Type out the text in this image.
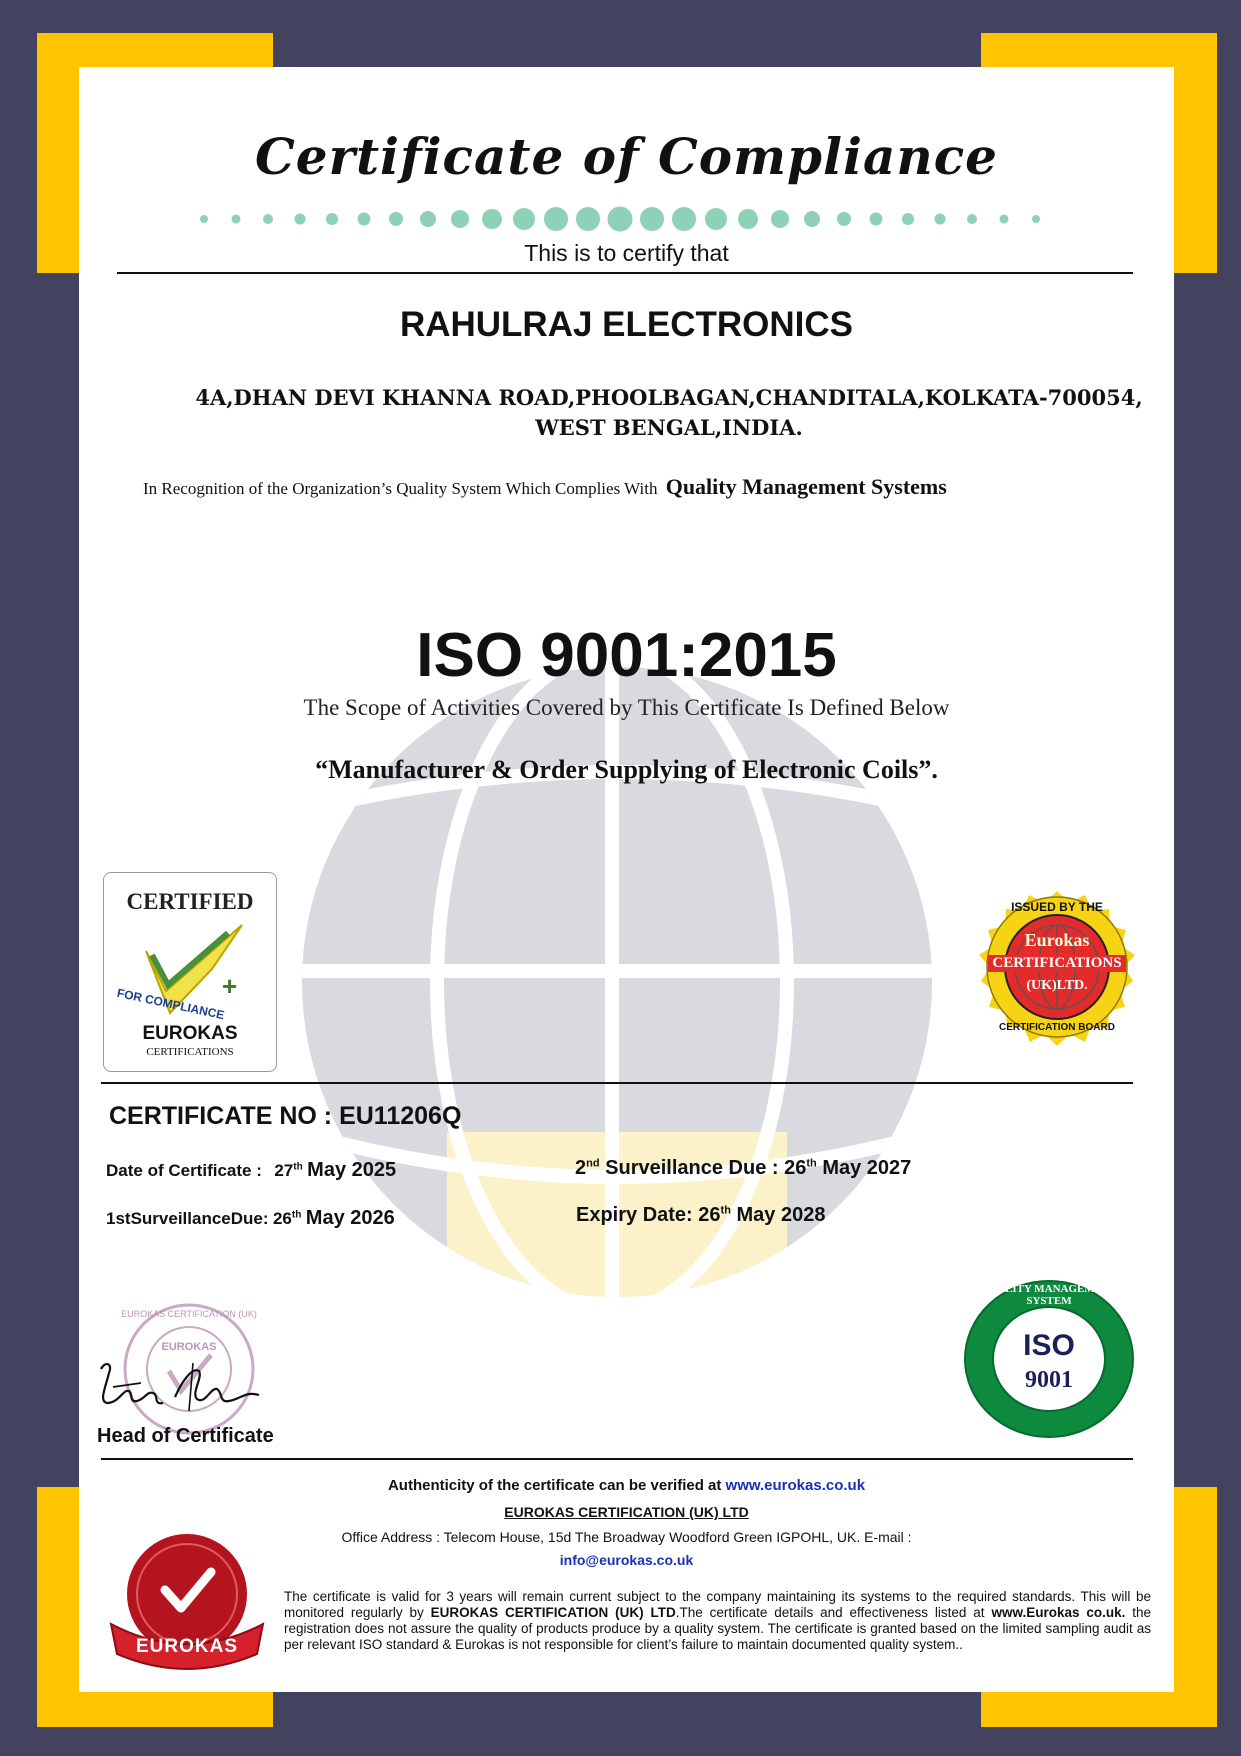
Certificate of Compliance
This is to certify that
RAHULRAJ ELECTRONICS
4A,DHAN DEVI KHANNA ROAD,PHOOLBAGAN,CHANDITALA,KOLKATA-700054,
WEST BENGAL,INDIA.
In Recognition of the Organization’s Quality System Which Complies With Quality Management Systems
ISO 9001:2015
The Scope of Activities Covered by This Certificate Is Defined Below
“Manufacturer & Order Supplying of Electronic Coils”.
+
CERTIFIED
FOR COMPLIANCE
EUROKAS
CERTIFICATIONS
ISSUED BY THE
Eurokas
CERTIFICATIONS
(UK)LTD.
CERTIFICATION BOARD
CERTIFICATE NO : EU11206Q
Date of Certificate : 27th May 2025
1stSurveillanceDue: 26th May 2026
2nd Surveillance Due : 26th May 2027
Expiry Date: 26th May 2028
EUROKAS CERTIFICATION (UK)
EUROKAS
Head of Certificate
QUALITY MANAGEMENT SYSTEM
ISO
9001
Authenticity of the certificate can be verified at www.eurokas.co.uk
EUROKAS CERTIFICATION (UK) LTD
Office Address : Telecom House, 15d The Broadway Woodford Green IGPOHL, UK. E-mail :
info@eurokas.co.uk
EUROKAS
The certificate is valid for 3 years will remain current subject to the company maintaining its systems to the required standards. This will be monitored regularly by EUROKAS CERTIFICATION (UK) LTD.The certificate details and effectiveness listed at www.Eurokas co.uk. the registration does not assure the quality of products produce by a quality system. The certificate is granted based on the limited sampling audit as per relevant ISO standard & Eurokas is not responsible for client’s failure to maintain documented quality system..
